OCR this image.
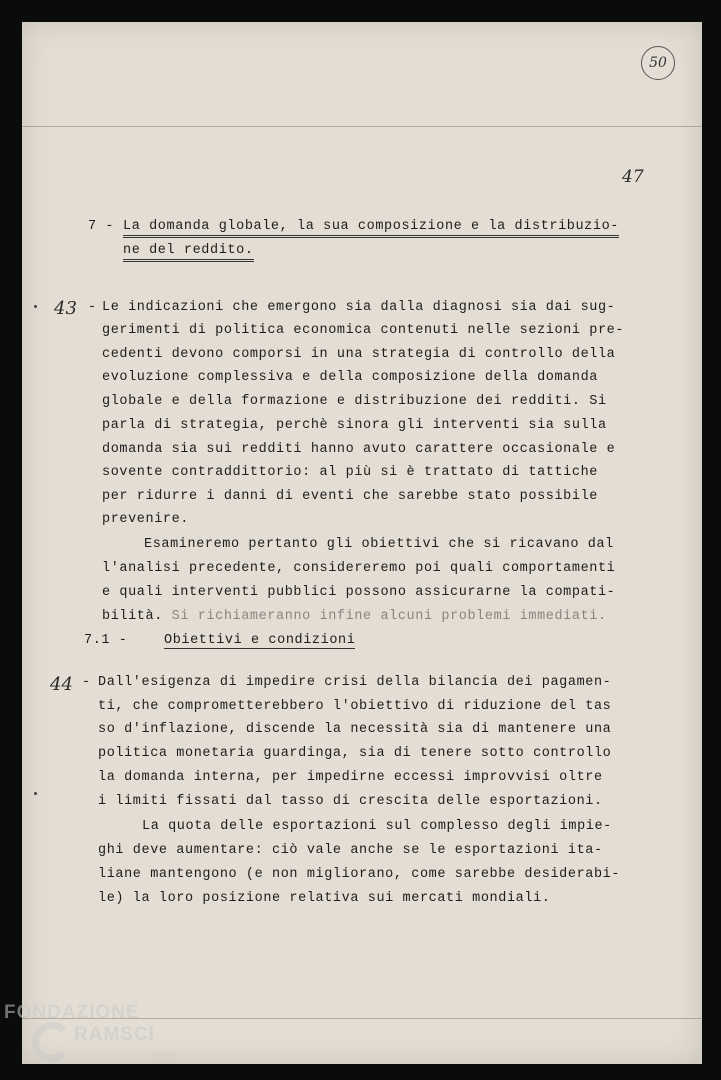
50
47
7 - La domanda globale, la sua composizione e la distribuzio-
ne del reddito.
43 - Le indicazioni che emergono sia dalla diagnosi sia dai sug-
gerimenti di politica economica contenuti nelle sezioni pre-
cedenti devono comporsi in una strategia di controllo della
evoluzione complessiva e della composizione della domanda
globale e della formazione e distribuzione dei redditi. Si
parla di strategia, perchè sinora gli interventi sia sulla
domanda sia sui redditi hanno avuto carattere occasionale e
sovente contraddittorio: al più si è trattato di tattiche
per ridurre i danni di eventi che sarebbe stato possibile
prevenire.
Esamineremo pertanto gli obiettivi che si ricavano dal
l'analisi precedente, considereremo poi quali comportamenti
e quali interventi pubblici possono assicurarne la compati-
bilità. Si richiameranno infine alcuni problemi immediati.
7.1 -	Obiettivi e condizioni
44 - Dall'esigenza di impedire crisi della bilancia dei pagamen-
ti, che comprometterebbero l'obiettivo di riduzione del tas
so d'inflazione, discende la necessità sia di mantenere una
politica monetaria guardinga, sia di tenere sotto controllo
la domanda interna, per impedirne eccessi improvvisi oltre
i limiti fissati dal tasso di crescita delle esportazioni.
La quota delle esportazioni sul complesso degli impie-
ghi deve aumentare: ciò vale anche se le esportazioni ita-
liane mantengono (e non migliorano, come sarebbe desiderabi-
le) la loro posizione relativa sui mercati mondiali.
FONDAZIONE
RAMSCI
onlus
